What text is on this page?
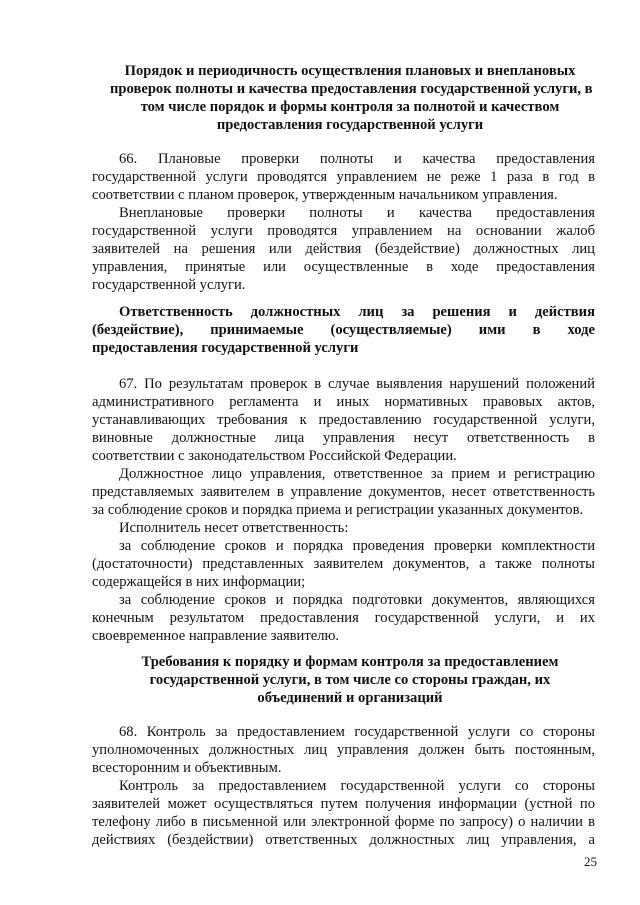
Порядок и периодичность осуществления плановых и внеплановых
проверок полноты и качества предоставления государственной услуги, в
том числе порядок и формы контроля за полнотой и качеством
предоставления государственной услуги
66. Плановые проверки полноты и качества предоставления
государственной услуги проводятся управлением не реже 1 раза в год в
соответствии с планом проверок, утвержденным начальником управления.
Внеплановые проверки полноты и качества предоставления
государственной услуги проводятся управлением на основании жалоб
заявителей на решения или действия (бездействие) должностных лиц
управления, принятые или осуществленные в ходе предоставления
государственной услуги.
Ответственность должностных лиц за решения и действия
(бездействие), принимаемые (осуществляемые) ими в ходе
предоставления государственной услуги
67. По результатам проверок в случае выявления нарушений положений
административного регламента и иных нормативных правовых актов,
устанавливающих требования к предоставлению государственной услуги,
виновные должностные лица управления несут ответственность в
соответствии с законодательством Российской Федерации.
Должностное лицо управления, ответственное за прием и регистрацию
представляемых заявителем в управление документов, несет ответственность
за соблюдение сроков и порядка приема и регистрации указанных документов.
Исполнитель несет ответственность:
за соблюдение сроков и порядка проведения проверки комплектности
(достаточности) представленных заявителем документов, а также полноты
содержащейся в них информации;
за соблюдение сроков и порядка подготовки документов, являющихся
конечным результатом предоставления государственной услуги, и их
своевременное направление заявителю.
Требования к порядку и формам контроля за предоставлением
государственной услуги, в том числе со стороны граждан, их
объединений и организаций
68. Контроль за предоставлением государственной услуги со стороны
уполномоченных должностных лиц управления должен быть постоянным,
всесторонним и объективным.
Контроль за предоставлением государственной услуги со стороны
заявителей может осуществляться путем получения информации (устной по
телефону либо в письменной или электронной форме по запросу) о наличии в
действиях (бездействии) ответственных должностных лиц управления, а
25
